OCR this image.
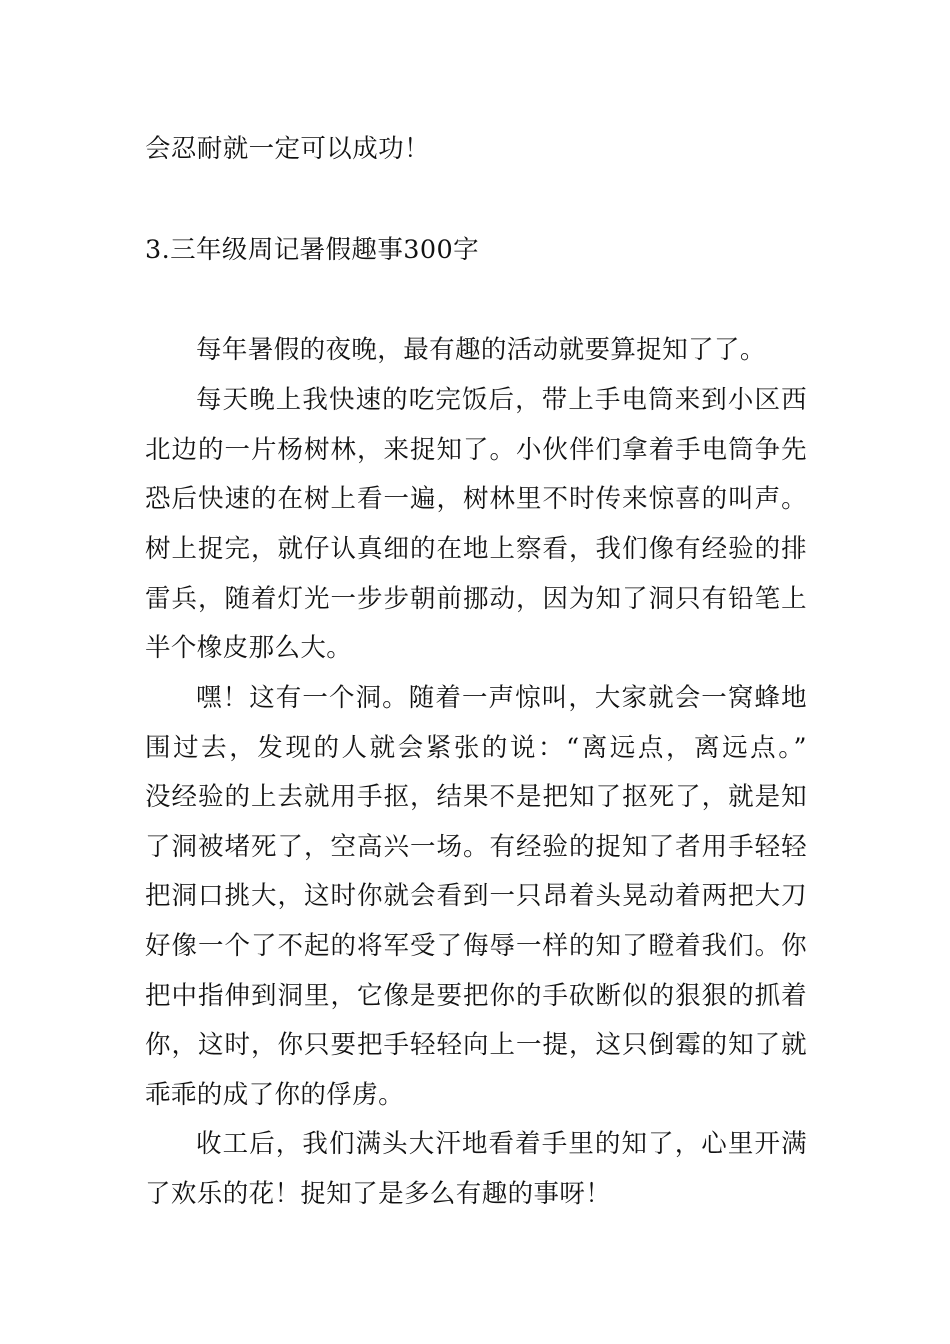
会忍耐就一定可以成功！
3.三年级周记暑假趣事300字
每年暑假的夜晚，最有趣的活动就要算捉知了了。
每天晚上我快速的吃完饭后，带上手电筒来到小区西
北边的一片杨树林，来捉知了。小伙伴们拿着手电筒争先
恐后快速的在树上看一遍，树林里不时传来惊喜的叫声。
树上捉完，就仔认真细的在地上察看，我们像有经验的排
雷兵，随着灯光一步步朝前挪动，因为知了洞只有铅笔上
半个橡皮那么大。
嘿！这有一个洞。随着一声惊叫，大家就会一窝蜂地
围过去，发现的人就会紧张的说：“离远点，离远点。”
没经验的上去就用手抠，结果不是把知了抠死了，就是知
了洞被堵死了，空高兴一场。有经验的捉知了者用手轻轻
把洞口挑大，这时你就会看到一只昂着头晃动着两把大刀
好像一个了不起的将军受了侮辱一样的知了瞪着我们。你
把中指伸到洞里，它像是要把你的手砍断似的狠狠的抓着
你，这时，你只要把手轻轻向上一提，这只倒霉的知了就
乖乖的成了你的俘虏。
收工后，我们满头大汗地看着手里的知了，心里开满
了欢乐的花！捉知了是多么有趣的事呀！
